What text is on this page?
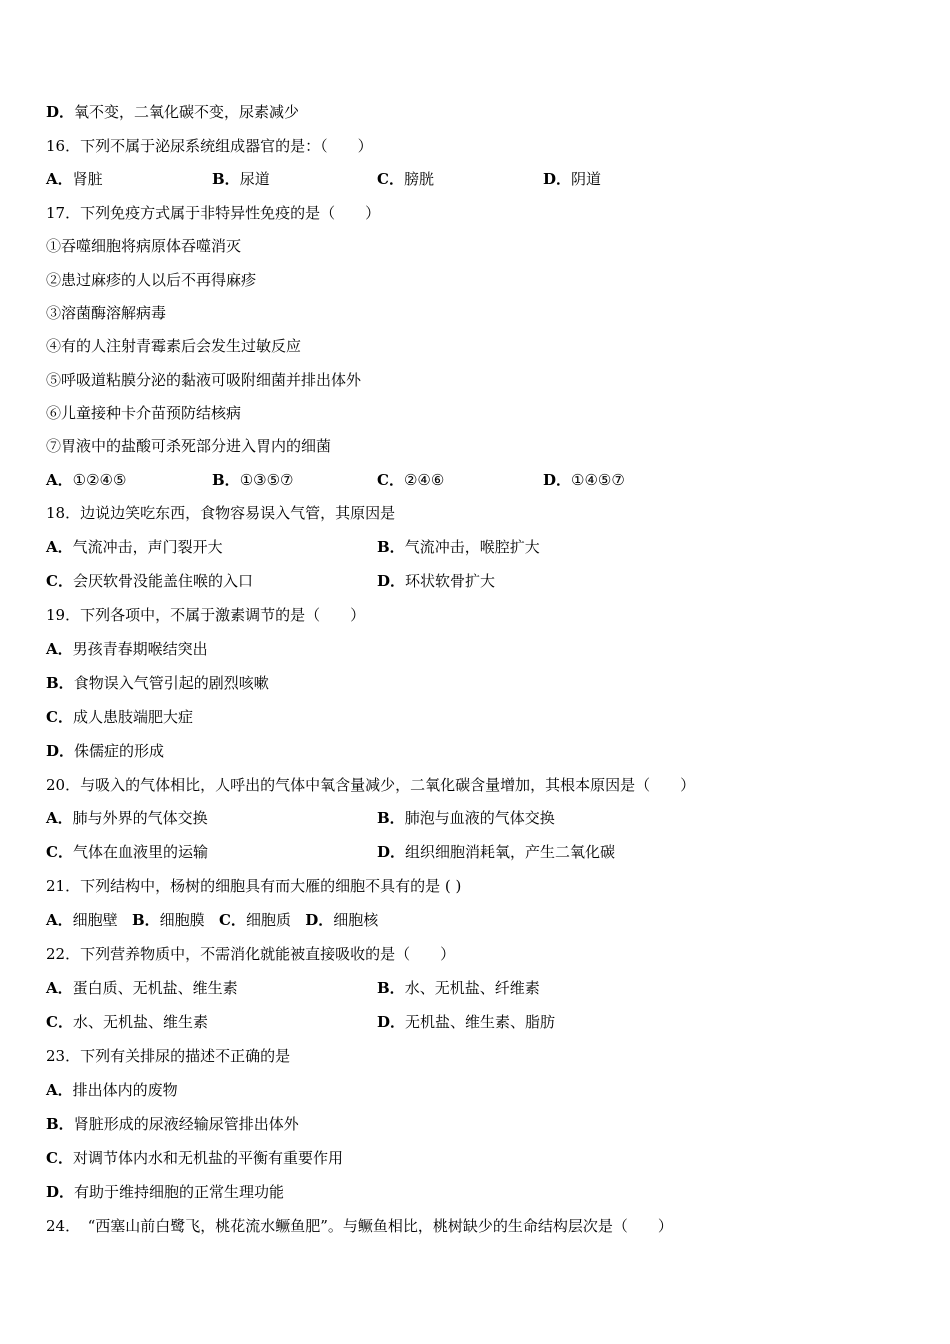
D．氧不变，二氧化碳不变，尿素减少
16．下列不属于泌尿系统组成器官的是：（　　）
A．肾脏	B．尿道	C．膀胱	D．阴道
17．下列免疫方式属于非特异性免疫的是（　　）
①吞噬细胞将病原体吞噬消灭
②患过麻疹的人以后不再得麻疹
③溶菌酶溶解病毒
④有的人注射青霉素后会发生过敏反应
⑤呼吸道粘膜分泌的黏液可吸附细菌并排出体外
⑥儿童接种卡介苗预防结核病
⑦胃液中的盐酸可杀死部分进入胃内的细菌
A．①②④⑤	B．①③⑤⑦	C．②④⑥	D．①④⑤⑦
18．边说边笑吃东西，食物容易误入气管，其原因是
A．气流冲击，声门裂开大	B．气流冲击，喉腔扩大
C．会厌软骨没能盖住喉的入口	D．环状软骨扩大
19．下列各项中，不属于激素调节的是（　　）
A．男孩青春期喉结突出
B．食物误入气管引起的剧烈咳嗽
C．成人患肢端肥大症
D．侏儒症的形成
20．与吸入的气体相比，人呼出的气体中氧含量减少，二氧化碳含量增加，其根本原因是（　　）
A．肺与外界的气体交换	B．肺泡与血液的气体交换
C．气体在血液里的运输	D．组织细胞消耗氧，产生二氧化碳
21．下列结构中，杨树的细胞具有而大雁的细胞不具有的是 ( )
A．细胞壁 B．细胞膜 C．细胞质 D．细胞核
22．下列营养物质中，不需消化就能被直接吸收的是（　　）
A．蛋白质、无机盐、维生素	B．水、无机盐、纤维素
C．水、无机盐、维生素	D．无机盐、维生素、脂肪
23．下列有关排尿的描述不正确的是
A．排出体内的废物
B．肾脏形成的尿液经输尿管排出体外
C．对调节体内水和无机盐的平衡有重要作用
D．有助于维持细胞的正常生理功能
24．　“西塞山前白鹭飞，桃花流水鳜鱼肥”。与鳜鱼相比，桃树缺少的生命结构层次是（　　）
